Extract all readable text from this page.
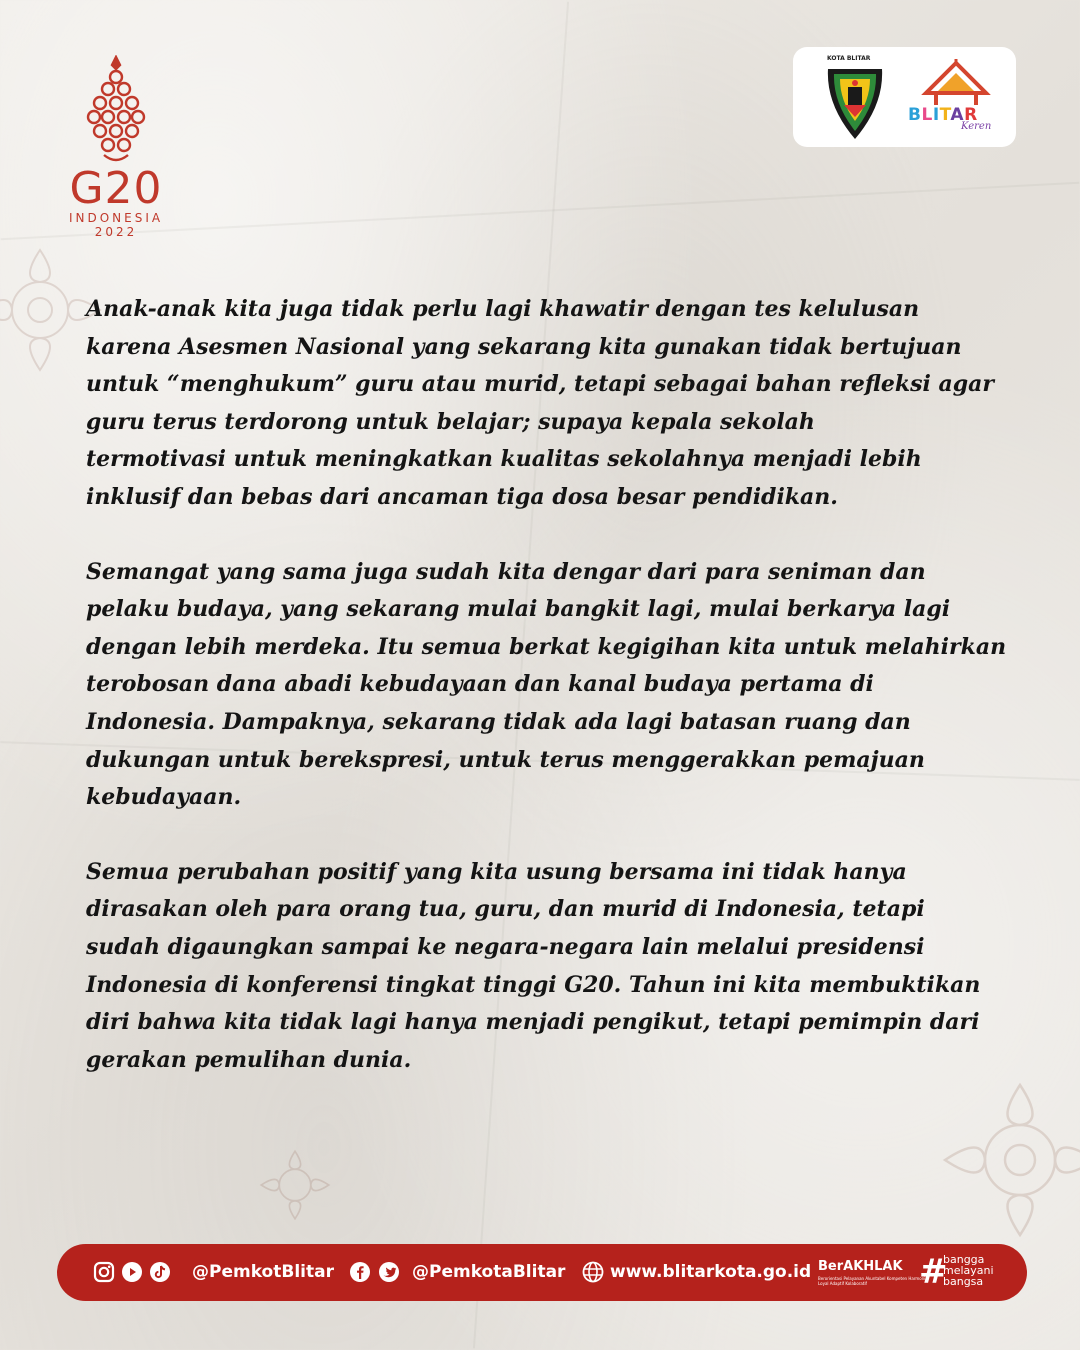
G20
INDONESIA
2022
KOTA BLITAR
BLITAR
Keren

Anak-anak kita juga tidak perlu lagi khawatir dengan tes kelulusan
karena Asesmen Nasional yang sekarang kita gunakan tidak bertujuan
untuk “menghukum” guru atau murid, tetapi sebagai bahan refleksi agar
guru terus terdorong untuk belajar; supaya kepala sekolah
termotivasi untuk meningkatkan kualitas sekolahnya menjadi lebih
inklusif dan bebas dari ancaman tiga dosa besar pendidikan.

Semangat yang sama juga sudah kita dengar dari para seniman dan
pelaku budaya, yang sekarang mulai bangkit lagi, mulai berkarya lagi
dengan lebih merdeka. Itu semua berkat kegigihan kita untuk melahirkan
terobosan dana abadi kebudayaan dan kanal budaya pertama di
Indonesia. Dampaknya, sekarang tidak ada lagi batasan ruang dan
dukungan untuk berekspresi, untuk terus menggerakkan pemajuan
kebudayaan.

Semua perubahan positif yang kita usung bersama ini tidak hanya
dirasakan oleh para orang tua, guru, dan murid di Indonesia, tetapi
sudah digaungkan sampai ke negara-negara lain melalui presidensi
Indonesia di konferensi tingkat tinggi G20. Tahun ini kita membuktikan
diri bahwa kita tidak lagi hanya menjadi pengikut, tetapi pemimpin dari
gerakan pemulihan dunia.

@PemkotBlitar	@PemkotaBlitar	www.blitarkota.go.id BerAKHLAK
Berorientasi Pelayanan Akuntabel Kompeten Harmonis Loyal Adaptif Kolaboratif	#
bangga
melayani
bangsa
